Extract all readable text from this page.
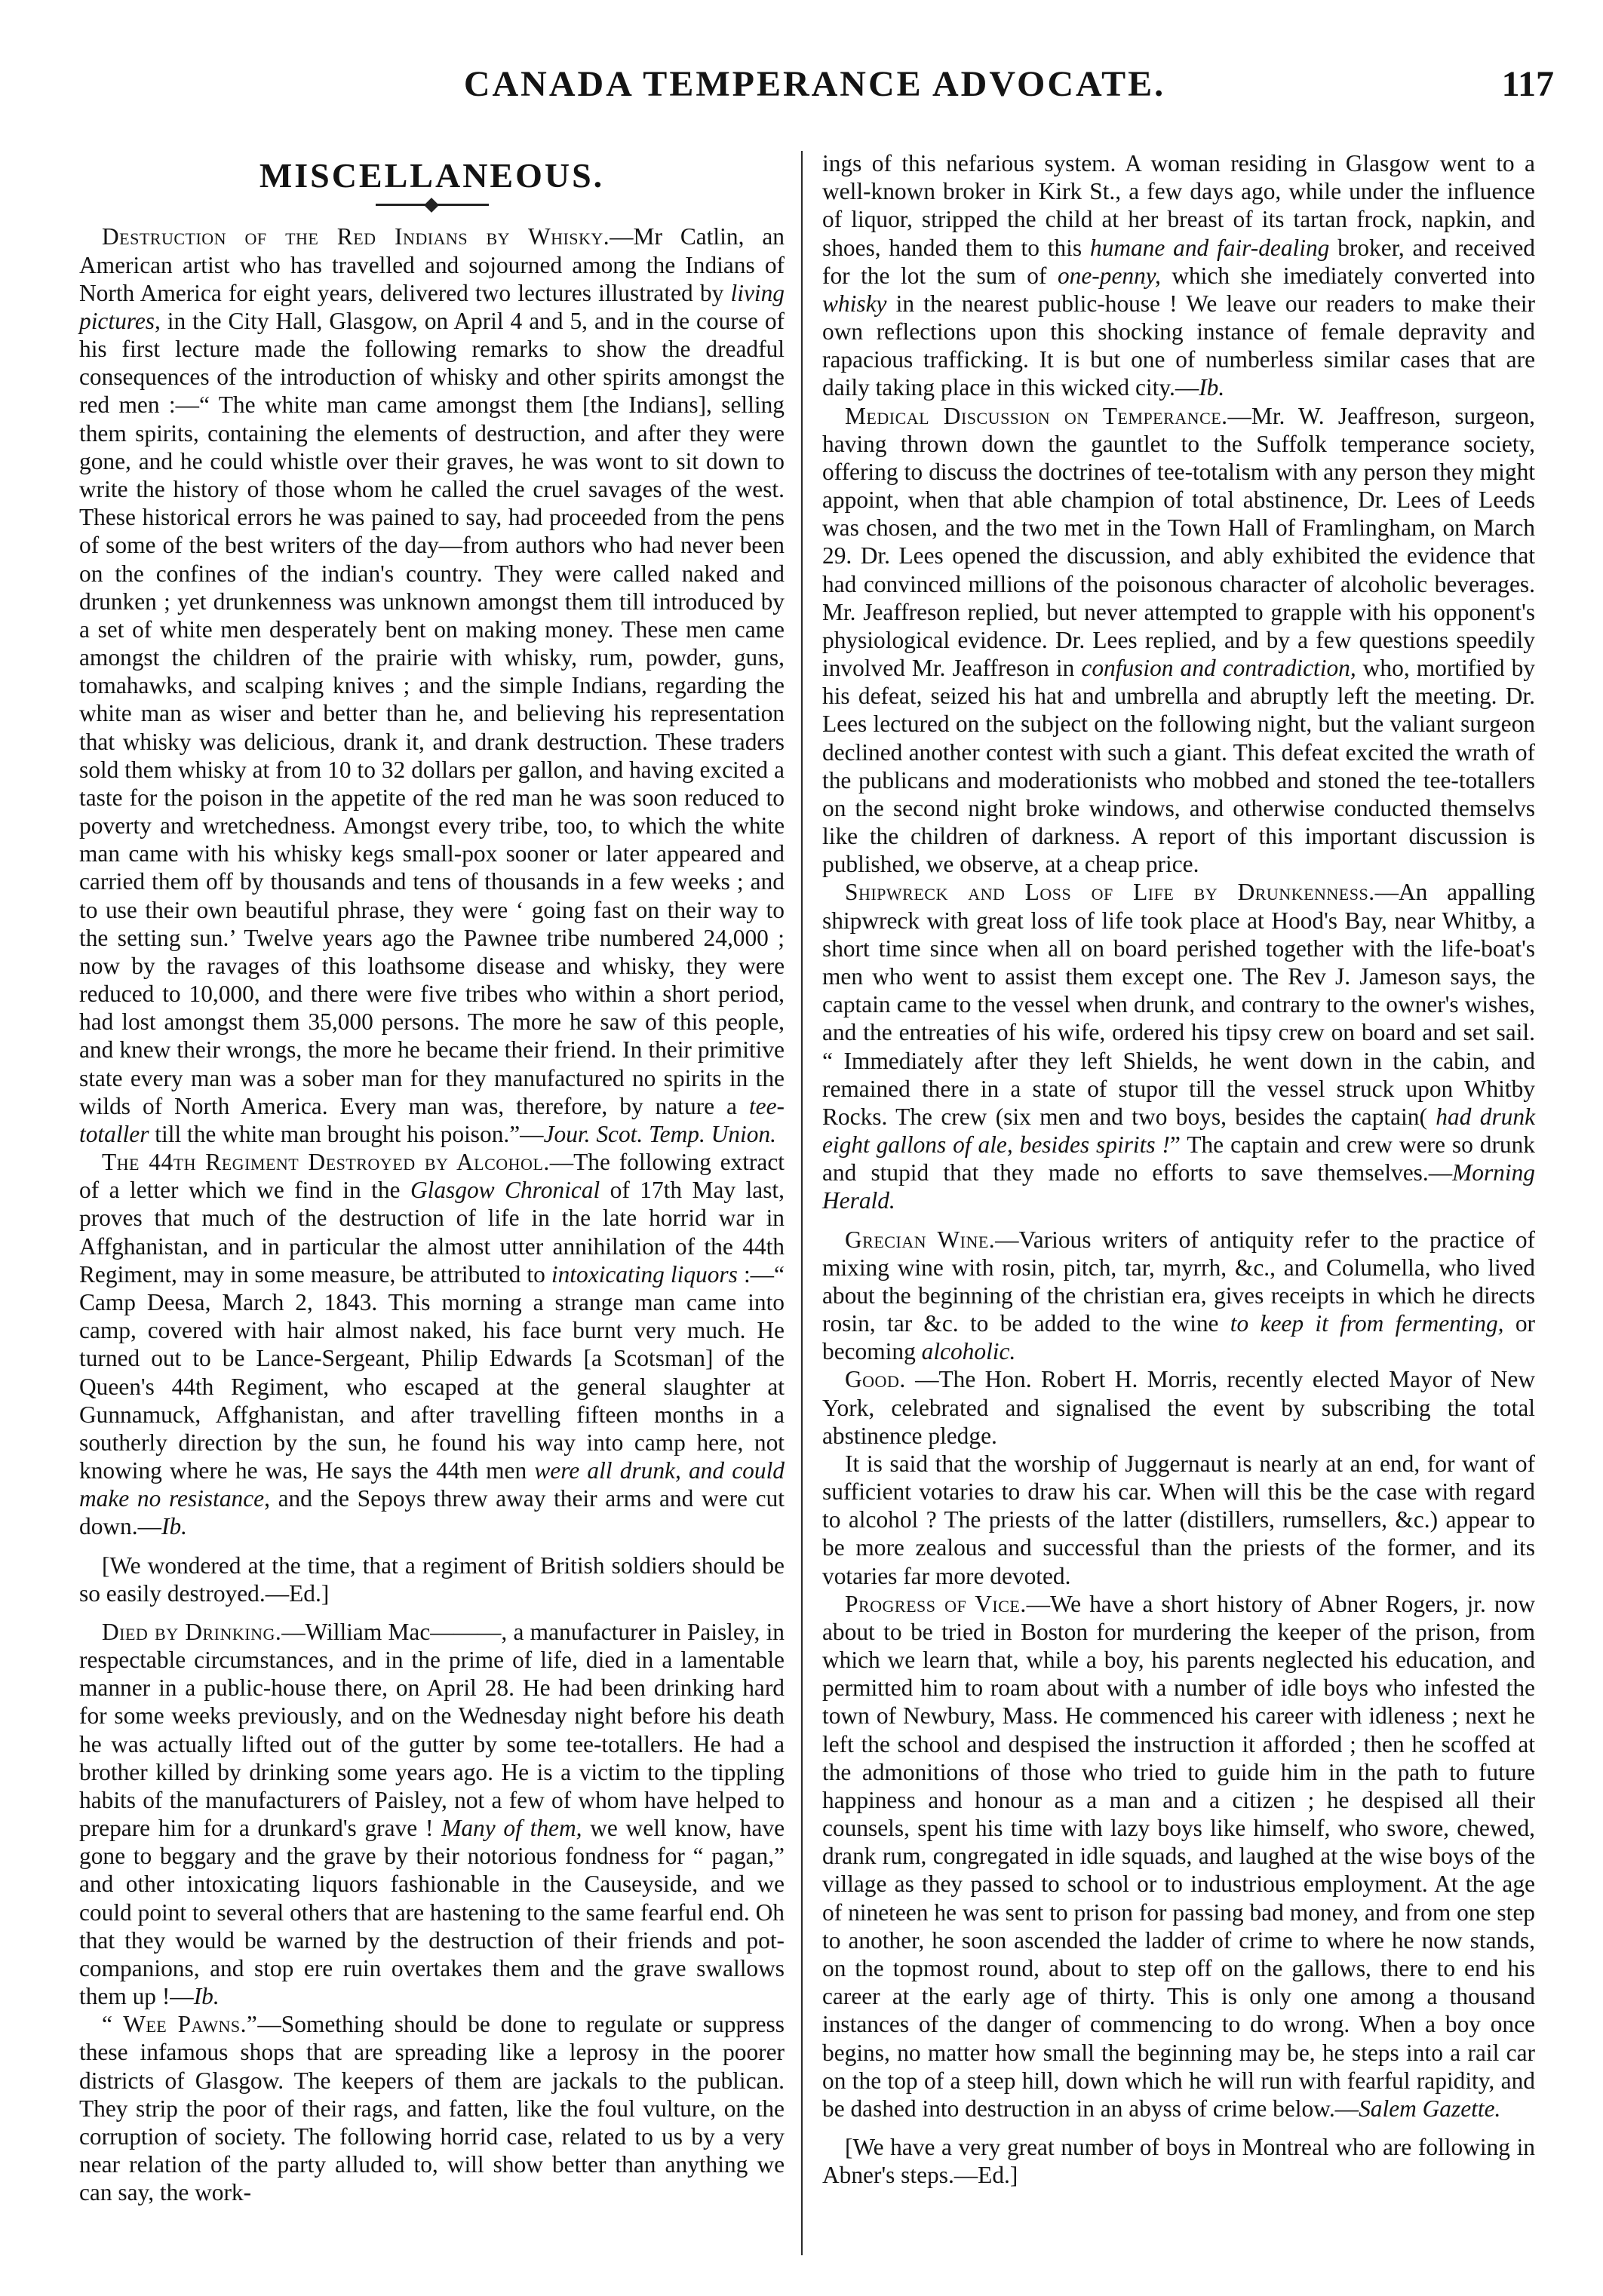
CANADA TEMPERANCE ADVOCATE.	117
MISCELLANEOUS.

Destruction of the Red Indians by Whisky.—Mr Catlin, an American artist who has travelled and sojourned among the Indians of North America for eight years, delivered two lectures illustrated by living pictures, in the City Hall, Glasgow, on April 4 and 5, and in the course of his first lecture made the following remarks to show the dreadful consequences of the introduction of whisky and other spirits amongst the red men :—“ The white man came amongst them [the Indians], selling them spirits, containing the elements of destruction, and after they were gone, and he could whistle over their graves, he was wont to sit down to write the history of those whom he called the cruel savages of the west. These historical errors he was pained to say, had proceeded from the pens of some of the best writers of the day—from authors who had never been on the confines of the indian's country. They were called naked and drunken ; yet drunkenness was unknown amongst them till introduced by a set of white men desperately bent on making money. These men came amongst the children of the prairie with whisky, rum, powder, guns, tomahawks, and scalping knives ; and the simple Indians, regarding the white man as wiser and better than he, and believing his representation that whisky was delicious, drank it, and drank destruction. These traders sold them whisky at from 10 to 32 dollars per gallon, and having excited a taste for the poison in the appetite of the red man he was soon reduced to poverty and wretchedness. Amongst every tribe, too, to which the white man came with his whisky kegs small-pox sooner or later appeared and carried them off by thousands and tens of thousands in a few weeks ; and to use their own beautiful phrase, they were ‘ going fast on their way to the setting sun.’ Twelve years ago the Pawnee tribe numbered 24,000 ; now by the ravages of this loathsome disease and whisky, they were reduced to 10,000, and there were five tribes who within a short period, had lost amongst them 35,000 persons. The more he saw of this people, and knew their wrongs, the more he became their friend. In their primitive state every man was a sober man for they manufactured no spirits in the wilds of North America. Every man was, therefore, by nature a tee-totaller till the white man brought his poison.”—Jour. Scot. Temp. Union.

The 44th Regiment Destroyed by Alcohol.—The following extract of a letter which we find in the Glasgow Chronical of 17th May last, proves that much of the destruction of life in the late horrid war in Affghanistan, and in particular the almost utter annihilation of the 44th Regiment, may in some measure, be attributed to intoxicating liquors :—“ Camp Deesa, March 2, 1843. This morning a strange man came into camp, covered with hair almost naked, his face burnt very much. He turned out to be Lance-Sergeant, Philip Edwards [a Scotsman] of the Queen's 44th Regiment, who escaped at the general slaughter at Gunnamuck, Affghanistan, and after travelling fifteen months in a southerly direction by the sun, he found his way into camp here, not knowing where he was, He says the 44th men were all drunk, and could make no resistance, and the Sepoys threw away their arms and were cut down.—Ib.

[We wondered at the time, that a regiment of British soldiers should be so easily destroyed.—Ed.]

Died by Drinking.—William Mac———, a manufacturer in Paisley, in respectable circumstances, and in the prime of life, died in a lamentable manner in a public-house there, on April 28. He had been drinking hard for some weeks previously, and on the Wednesday night before his death he was actually lifted out of the gutter by some tee-totallers. He had a brother killed by drinking some years ago. He is a victim to the tippling habits of the manufacturers of Paisley, not a few of whom have helped to prepare him for a drunkard's grave ! Many of them, we well know, have gone to beggary and the grave by their notorious fondness for “ pagan,” and other intoxicating liquors fashionable in the Causeyside, and we could point to several others that are hastening to the same fearful end. Oh that they would be warned by the destruction of their friends and pot-companions, and stop ere ruin overtakes them and the grave swallows them up !—Ib.

“ Wee Pawns.”—Something should be done to regulate or suppress these infamous shops that are spreading like a leprosy in the poorer districts of Glasgow. The keepers of them are jackals to the publican. They strip the poor of their rags, and fatten, like the foul vulture, on the corruption of society. The following horrid case, related to us by a very near relation of the party alluded to, will show better than anything we can say, the work-

ings of this nefarious system. A woman residing in Glasgow went to a well-known broker in Kirk St., a few days ago, while under the influence of liquor, stripped the child at her breast of its tartan frock, napkin, and shoes, handed them to this humane and fair-dealing broker, and received for the lot the sum of one-penny, which she imediately converted into whisky in the nearest public-house ! We leave our readers to make their own reflections upon this shocking instance of female depravity and rapacious trafficking. It is but one of numberless similar cases that are daily taking place in this wicked city.—Ib.

Medical Discussion on Temperance.—Mr. W. Jeaffreson, surgeon, having thrown down the gauntlet to the Suffolk temperance society, offering to discuss the doctrines of tee-totalism with any person they might appoint, when that able champion of total abstinence, Dr. Lees of Leeds was chosen, and the two met in the Town Hall of Framlingham, on March 29. Dr. Lees opened the discussion, and ably exhibited the evidence that had convinced millions of the poisonous character of alcoholic beverages. Mr. Jeaffreson replied, but never attempted to grapple with his opponent's physiological evidence. Dr. Lees replied, and by a few questions speedily involved Mr. Jeaffreson in confusion and contradiction, who, mortified by his defeat, seized his hat and umbrella and abruptly left the meeting. Dr. Lees lectured on the subject on the following night, but the valiant surgeon declined another contest with such a giant. This defeat excited the wrath of the publicans and moderationists who mobbed and stoned the tee-totallers on the second night broke windows, and otherwise conducted themselvs like the children of darkness. A report of this important discussion is published, we observe, at a cheap price.

Shipwreck and Loss of Life by Drunkenness.—An appalling shipwreck with great loss of life took place at Hood's Bay, near Whitby, a short time since when all on board perished together with the life-boat's men who went to assist them except one. The Rev J. Jameson says, the captain came to the vessel when drunk, and contrary to the owner's wishes, and the entreaties of his wife, ordered his tipsy crew on board and set sail. “ Immediately after they left Shields, he went down in the cabin, and remained there in a state of stupor till the vessel struck upon Whitby Rocks. The crew (six men and two boys, besides the captain( had drunk eight gallons of ale, besides spirits !” The captain and crew were so drunk and stupid that they made no efforts to save themselves.—Morning Herald.

Grecian Wine.—Various writers of antiquity refer to the practice of mixing wine with rosin, pitch, tar, myrrh, &c., and Columella, who lived about the beginning of the christian era, gives receipts in which he directs rosin, tar &c. to be added to the wine to keep it from fermenting, or becoming alcoholic.

Good. —The Hon. Robert H. Morris, recently elected Mayor of New York, celebrated and signalised the event by subscribing the total abstinence pledge.

It is said that the worship of Juggernaut is nearly at an end, for want of sufficient votaries to draw his car. When will this be the case with regard to alcohol ? The priests of the latter (distillers, rumsellers, &c.) appear to be more zealous and successful than the priests of the former, and its votaries far more devoted.

Progress of Vice.—We have a short history of Abner Rogers, jr. now about to be tried in Boston for murdering the keeper of the prison, from which we learn that, while a boy, his parents neglected his education, and permitted him to roam about with a number of idle boys who infested the town of Newbury, Mass. He commenced his career with idleness ; next he left the school and despised the instruction it afforded ; then he scoffed at the admonitions of those who tried to guide him in the path to future happiness and honour as a man and a citizen ; he despised all their counsels, spent his time with lazy boys like himself, who swore, chewed, drank rum, congregated in idle squads, and laughed at the wise boys of the village as they passed to school or to industrious employment. At the age of nineteen he was sent to prison for passing bad money, and from one step to another, he soon ascended the ladder of crime to where he now stands, on the topmost round, about to step off on the gallows, there to end his career at the early age of thirty. This is only one among a thousand instances of the danger of commencing to do wrong. When a boy once begins, no matter how small the beginning may be, he steps into a rail car on the top of a steep hill, down which he will run with fearful rapidity, and be dashed into destruction in an abyss of crime below.—Salem Gazette.

[We have a very great number of boys in Montreal who are following in Abner's steps.—Ed.]
